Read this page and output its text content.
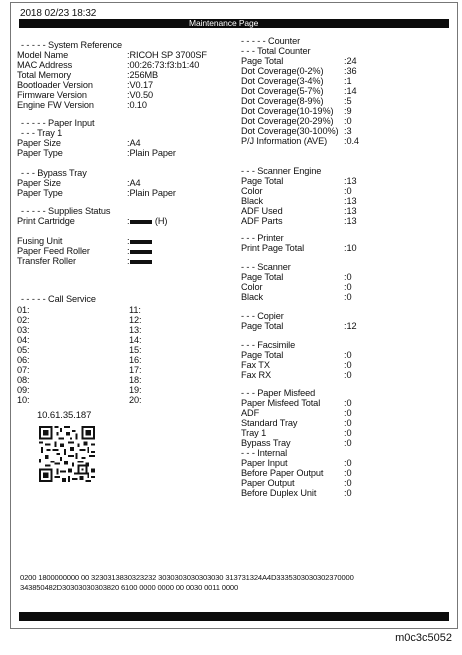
2018 02/23 18:32
Maintenance Page
- - - - - System Reference
Model Name	:RICOH SP 3700SF
MAC Address	:00:26:73:f3:b1:40
Total Memory	:256MB
Bootloader Version	:V0.17
Firmware Version	:V0.50
Engine FW Version	:0.10
- - - - - Paper Input
- - - Tray 1
Paper Size	:A4
Paper Type	:Plain Paper
- - - Bypass Tray
Paper Size	:A4
Paper Type	:Plain Paper
- - - - - Supplies Status
Print Cartridge	:	(H)
Fusing Unit	:
Paper Feed Roller	:
Transfer Roller	:
- - - - - Call Service
01:
02:
03:
04:
05:
06:
07:
08:
09:
10:
11:
12:
13:
14:
15:
16:
17:
18:
19:
20:
10.61.35.187
- - - - - Counter
- - - Total Counter
Page Total	:24
Dot Coverage(0-2%) :36
Dot Coverage(3-4%) :1
Dot Coverage(5-7%) :14
Dot Coverage(8-9%) :5
Dot Coverage(10-19%) :9
Dot Coverage(20-29%) :0
Dot Coverage(30-100%) :3
P/J Information (AVE) :0.4
- - - Scanner Engine
Page Total	:13
Color	:0
Black	:13
ADF Used	:13
ADF Parts	:13
- - - Printer
Print Page Total	:10
- - - Scanner
Page Total	:0
Color	:0
Black	:0
- - - Copier
Page Total	:12
- - - Facsimile
Page Total	:0
Fax TX	:0
Fax RX	:0
- - - Paper Misfeed
Paper Misfeed Total	:0
ADF	:0
Standard Tray	:0
Tray 1	:0
Bypass Tray	:0
- - - Internal
Paper Input	:0
Before Paper Output :0
Paper Output	:0
Before Duplex Unit	:0
0200 1800000000 00 3230313830323232 3030303030303030 313731324A4D3335303030302370000
343850482D30303030303820 6100 0000 0000 00 0030 0011 0000
m0c3c5052
